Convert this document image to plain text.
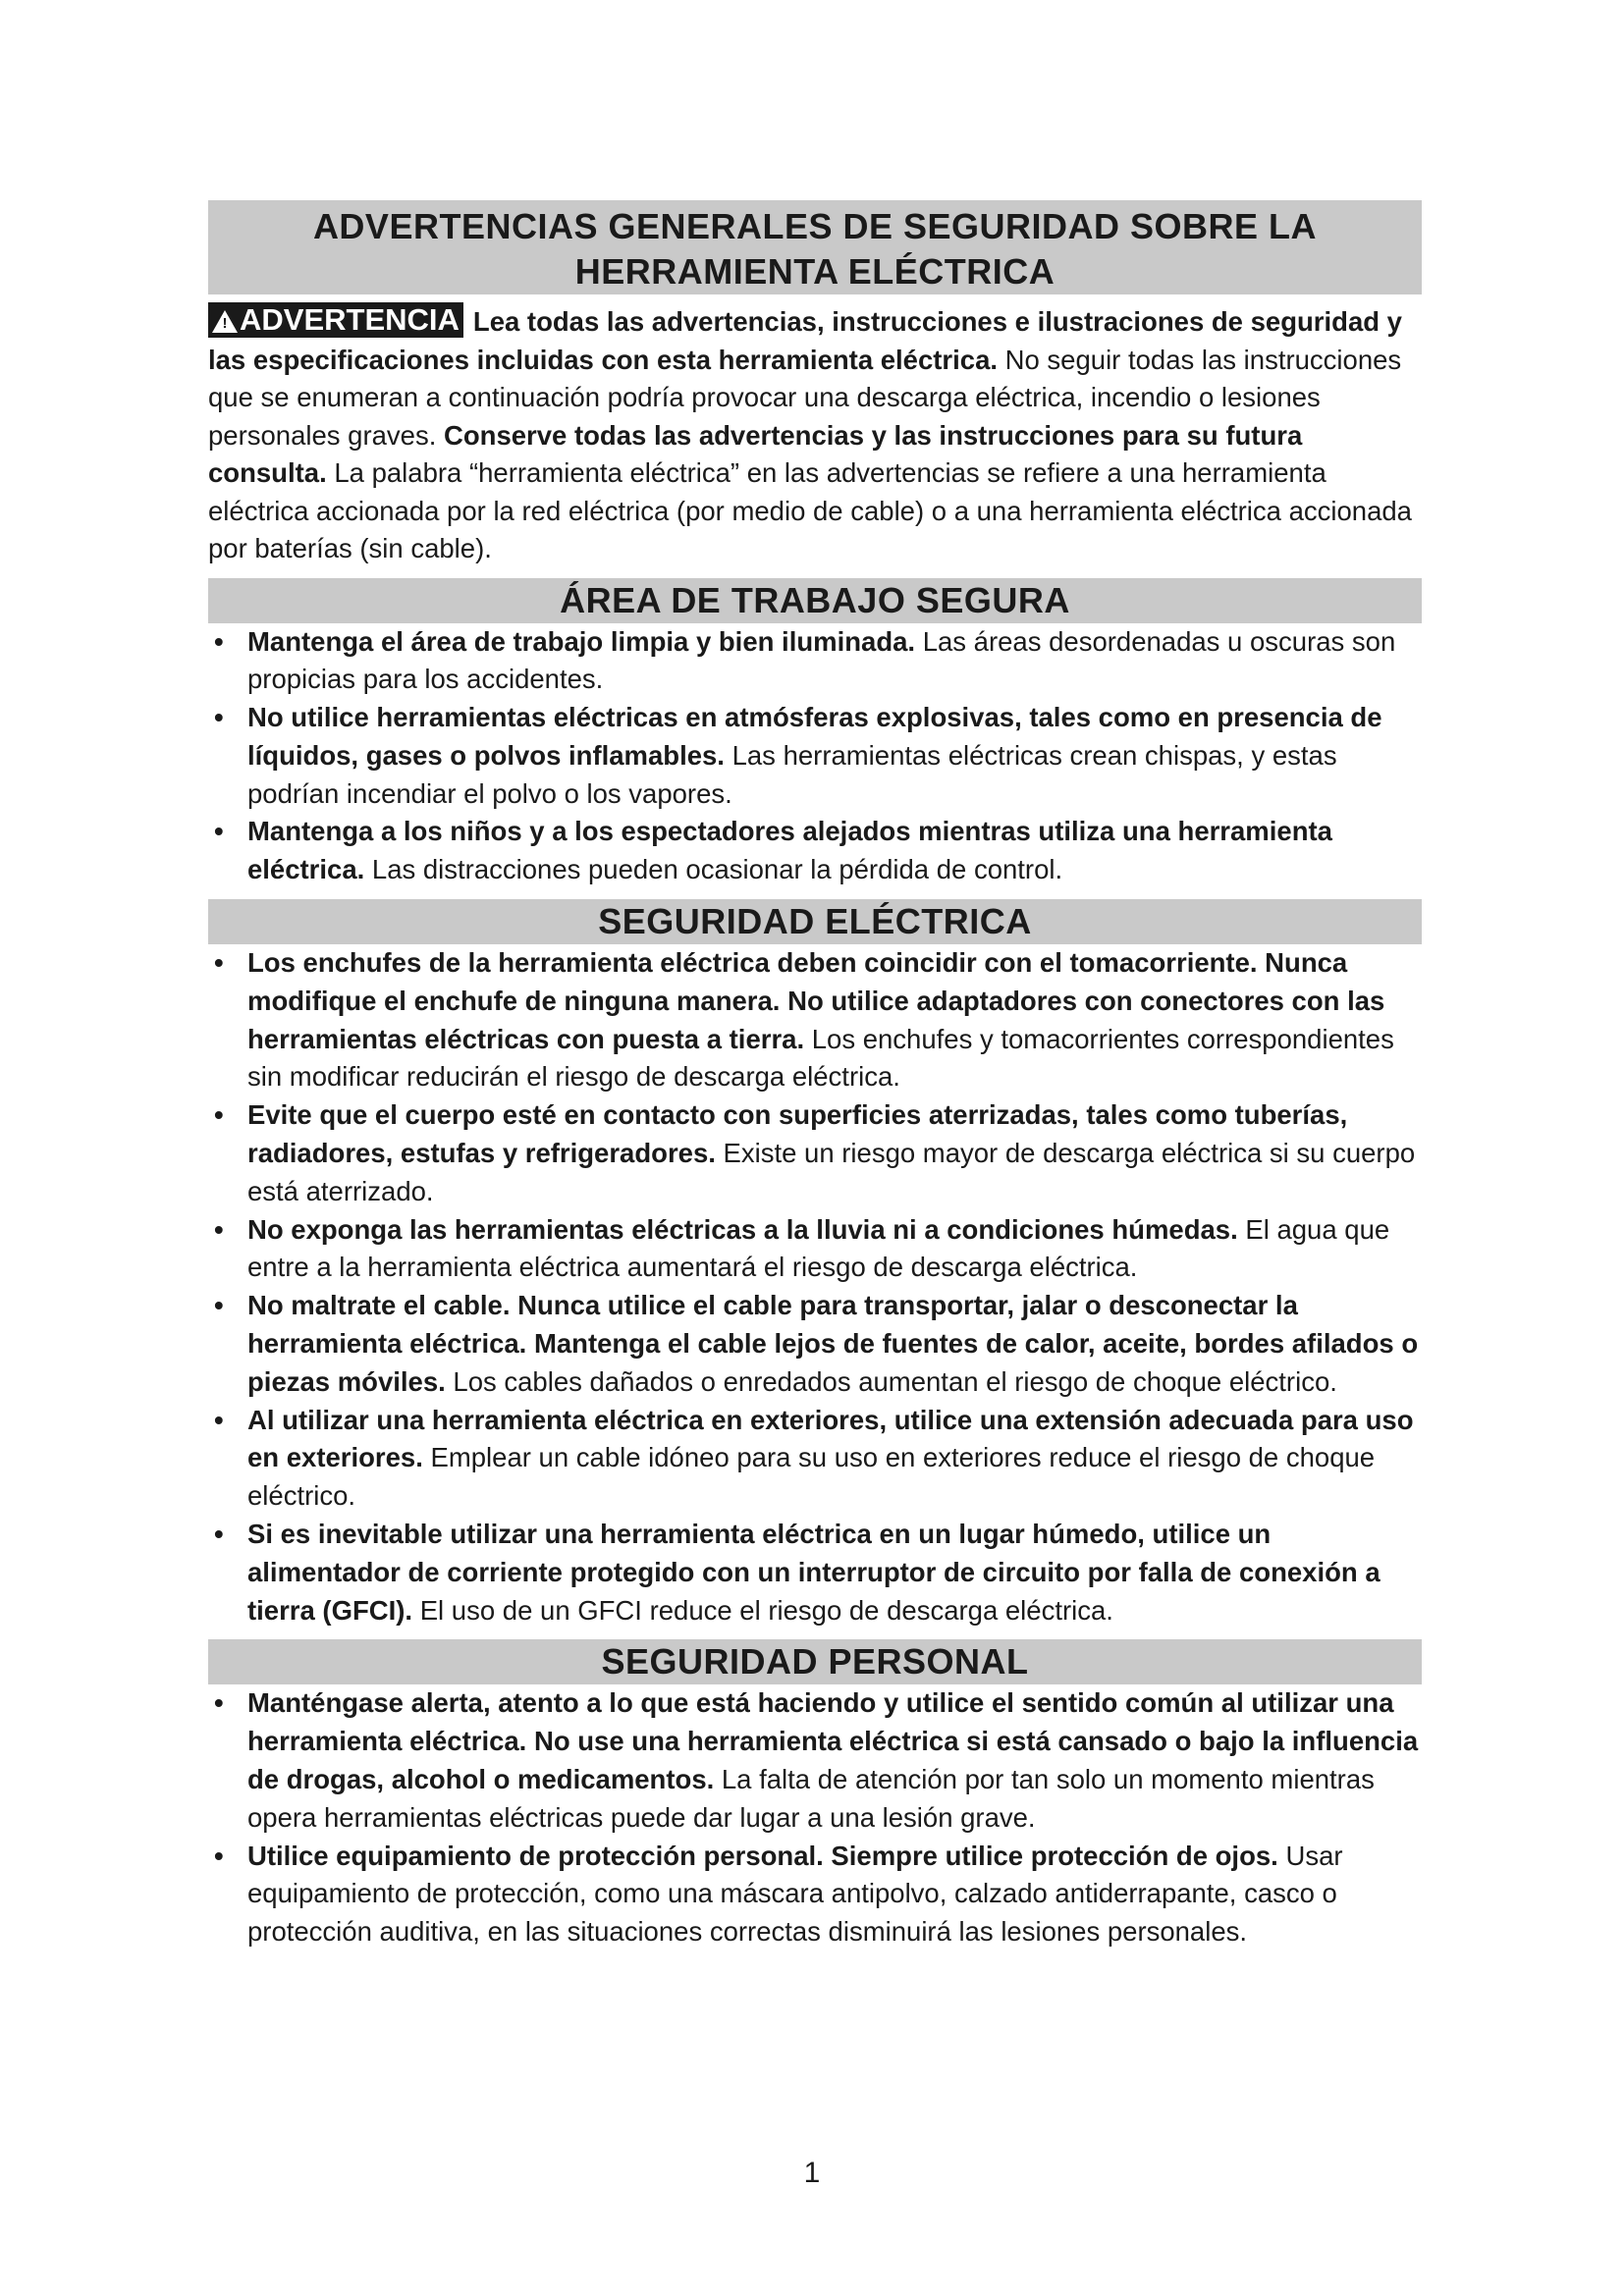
ADVERTENCIAS GENERALES DE SEGURIDAD SOBRE LA
HERRAMIENTA ELÉCTRICA
! ADVERTENCIA Lea todas las advertencias, instrucciones e ilustraciones de seguridad y las especificaciones incluidas con esta herramienta eléctrica. No seguir todas las instrucciones que se enumeran a continuación podría provocar una descarga eléctrica, incendio o lesiones personales graves. Conserve todas las advertencias y las instrucciones para su futura consulta. La palabra “herramienta eléctrica” en las advertencias se refiere a una herramienta eléctrica accionada por la red eléctrica (por medio de cable) o a una herramienta eléctrica accionada por baterías (sin cable).
ÁREA DE TRABAJO SEGURA
• Mantenga el área de trabajo limpia y bien iluminada. Las áreas desordenadas u oscuras son propicias para los accidentes.
• No utilice herramientas eléctricas en atmósferas explosivas, tales como en presencia de líquidos, gases o polvos inflamables. Las herramientas eléctricas crean chispas, y estas podrían incendiar el polvo o los vapores.
• Mantenga a los niños y a los espectadores alejados mientras utiliza una herramienta eléctrica. Las distracciones pueden ocasionar la pérdida de control.
SEGURIDAD ELÉCTRICA
• Los enchufes de la herramienta eléctrica deben coincidir con el tomacorriente. Nunca modifique el enchufe de ninguna manera. No utilice adaptadores con conectores con las herramientas eléctricas con puesta a tierra. Los enchufes y tomacorrientes correspondientes sin modificar reducirán el riesgo de descarga eléctrica.
• Evite que el cuerpo esté en contacto con superficies aterrizadas, tales como tuberías, radiadores, estufas y refrigeradores. Existe un riesgo mayor de descarga eléctrica si su cuerpo está aterrizado.
• No exponga las herramientas eléctricas a la lluvia ni a condiciones húmedas. El agua que entre a la herramienta eléctrica aumentará el riesgo de descarga eléctrica.
• No maltrate el cable. Nunca utilice el cable para transportar, jalar o desconectar la herramienta eléctrica. Mantenga el cable lejos de fuentes de calor, aceite, bordes afilados o piezas móviles. Los cables dañados o enredados aumentan el riesgo de choque eléctrico.
• Al utilizar una herramienta eléctrica en exteriores, utilice una extensión adecuada para uso en exteriores. Emplear un cable idóneo para su uso en exteriores reduce el riesgo de choque eléctrico.
• Si es inevitable utilizar una herramienta eléctrica en un lugar húmedo, utilice un alimentador de corriente protegido con un interruptor de circuito por falla de conexión a tierra (GFCI). El uso de un GFCI reduce el riesgo de descarga eléctrica.
SEGURIDAD PERSONAL
• Manténgase alerta, atento a lo que está haciendo y utilice el sentido común al utilizar una herramienta eléctrica. No use una herramienta eléctrica si está cansado o bajo la influencia de drogas, alcohol o medicamentos. La falta de atención por tan solo un momento mientras opera herramientas eléctricas puede dar lugar a una lesión grave.
• Utilice equipamiento de protección personal. Siempre utilice protección de ojos. Usar equipamiento de protección, como una máscara antipolvo, calzado antiderrapante, casco o protección auditiva, en las situaciones correctas disminuirá las lesiones personales.
1
